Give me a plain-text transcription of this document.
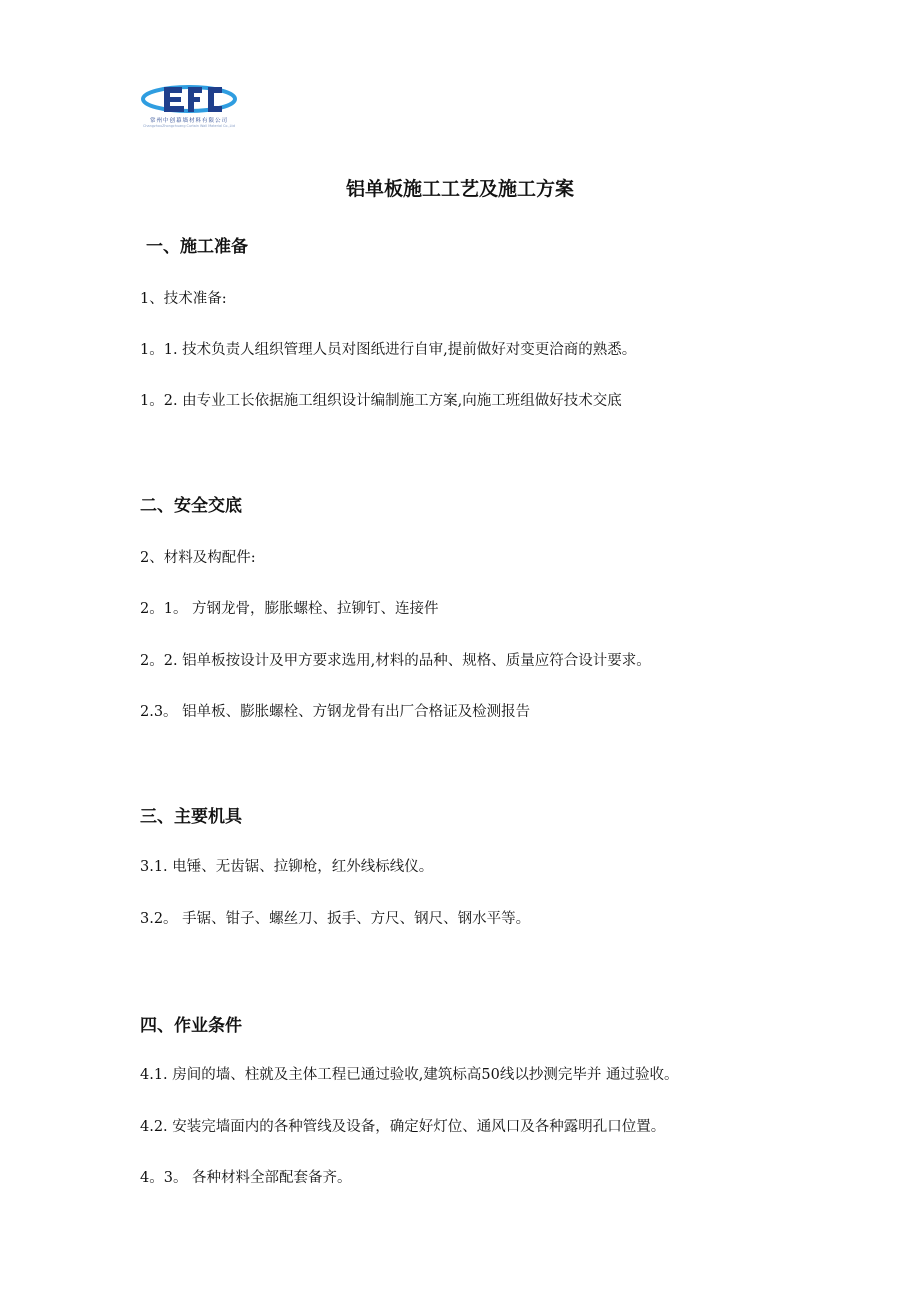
常州中创幕墙材料有限公司
ChangzhouZhongchuang Curtain Wall Material Co.,Ltd
铝单板施工工艺及施工方案
一、施工准备
1、技术准备:
1。1. 技术负责人组织管理人员对图纸进行自审,提前做好对变更洽商的熟悉。
1。2. 由专业工长依据施工组织设计编制施工方案,向施工班组做好技术交底
二、安全交底
2、材料及构配件:
2。1。 方钢龙骨，膨胀螺栓、拉铆钉、连接件
2。2. 铝单板按设计及甲方要求选用,材料的品种、规格、质量应符合设计要求。
2.3。 铝单板、膨胀螺栓、方钢龙骨有出厂合格证及检测报告
三、主要机具
3.1. 电锤、无齿锯、拉铆枪，红外线标线仪。
3.2。 手锯、钳子、螺丝刀、扳手、方尺、钢尺、钢水平等。
四、作业条件
4.1. 房间的墙、柱就及主体工程已通过验收,建筑标高50线以抄测完毕并 通过验收。
4.2. 安装完墙面内的各种管线及设备，确定好灯位、通风口及各种露明孔口位置。
4。3。 各种材料全部配套备齐。
